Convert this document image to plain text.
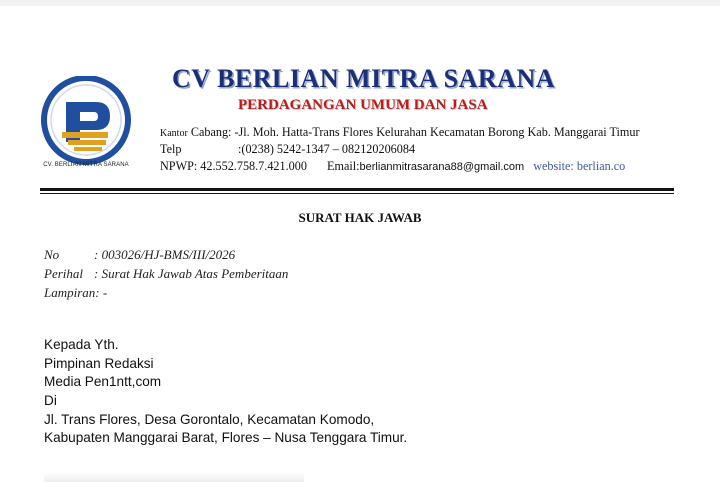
CV. BERLIAN MITRA SARANA
CV BERLIAN MITRA SARANA
PERDAGANGAN UMUM DAN JASA
Kantor Cabang: -Jl. Moh. Hatta-Trans Flores Kelurahan Kecamatan Borong Kab. Manggarai Timur
Telp	:(0238) 5242-1347 – 082120206084
NPWP: 42.552.758.7.421.000 Email:berlianmitrasarana88@gmail.com website: berlian.co
SURAT HAK JAWAB
No	: 003026/HJ-BMS/III/2026
Perihal : Surat Hak Jawab Atas Pemberitaan
Lampiran: -
Kepada Yth.
Pimpinan Redaksi
Media Pen1ntt,com
Di
Jl. Trans Flores, Desa Gorontalo, Kecamatan Komodo,
Kabupaten Manggarai Barat, Flores – Nusa Tenggara Timur.
